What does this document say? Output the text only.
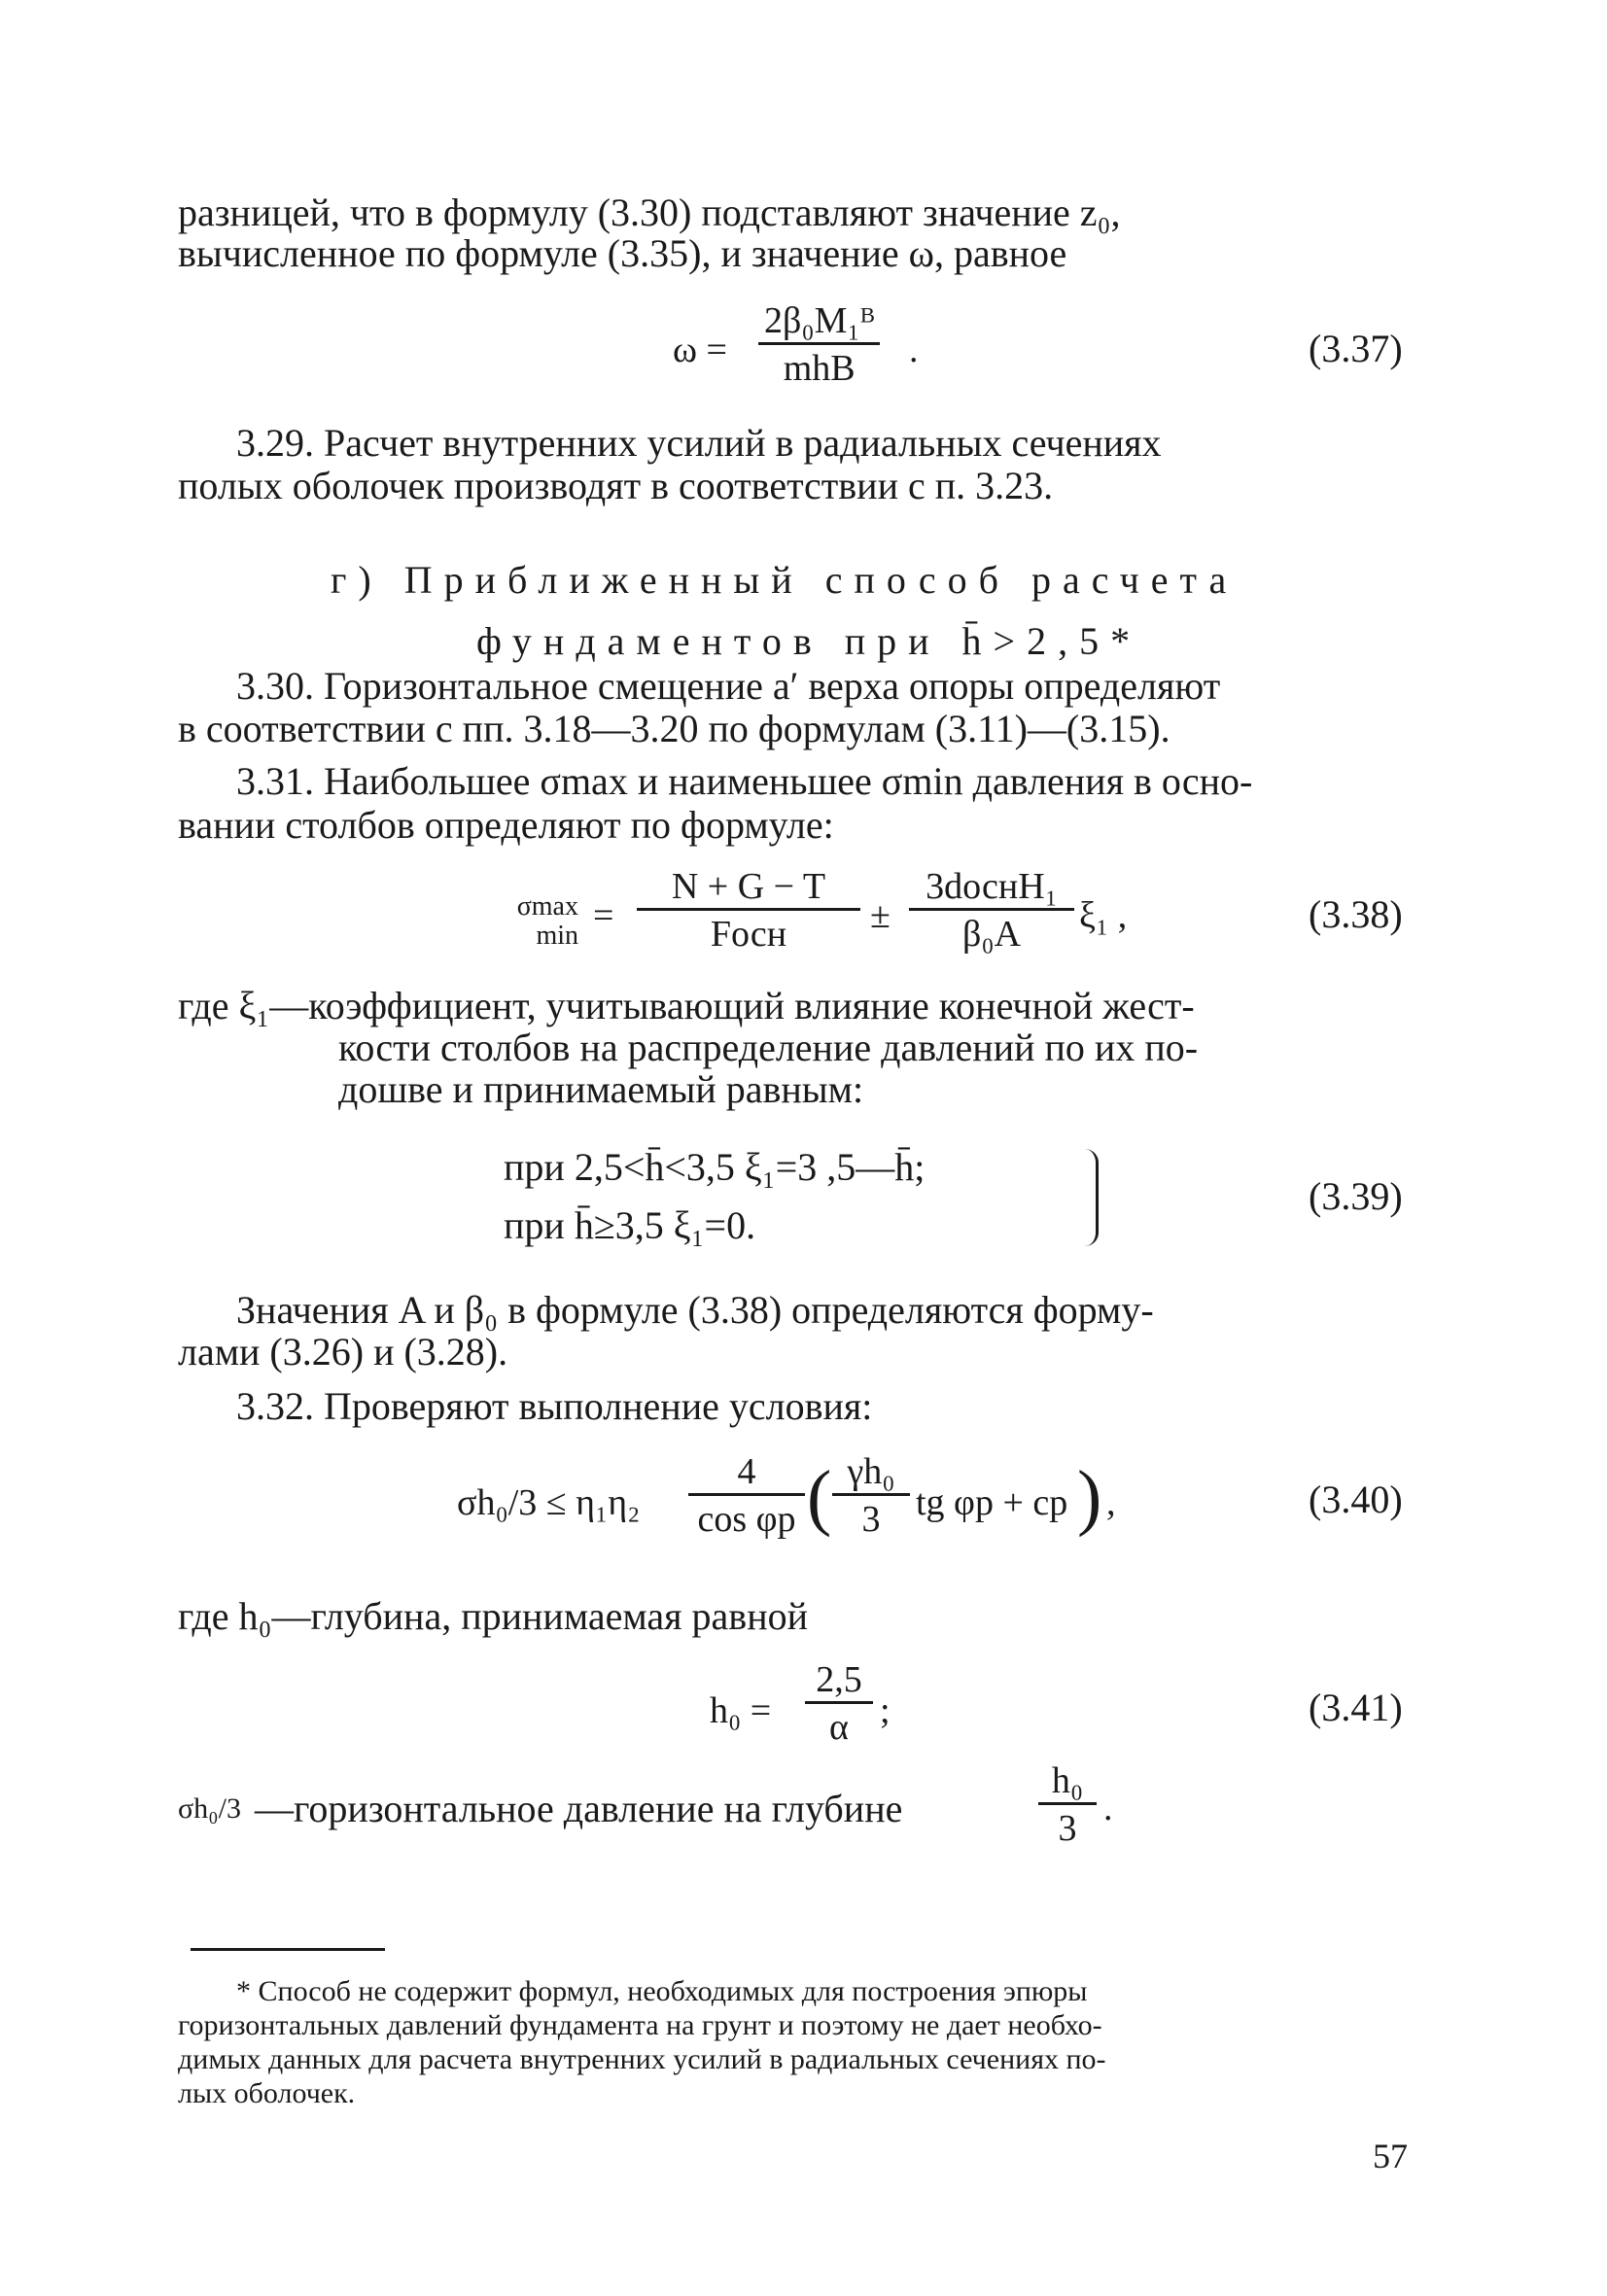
разницей, что в формулу (3.30) подставляют значение z₀,
вычисленное по формуле (3.35), и значение ω, равное
ω =
2β₀M₁ᴮ
mhB	.	(3.37)
3.29. Расчет внутренних усилий в радиальных сечениях
полых оболочек производят в соответствии с п. 3.23.
г) Приближенный способ расчета
фундаментов при h̄>2,5*
3.30. Горизонтальное смещение a′ верха опоры определяют
в соответствии с пп. 3.18—3.20 по формулам (3.11)—(3.15).
3.31. Наибольшее σmax и наименьшее σmin давления в осно-
вании столбов определяют по формуле:
σmax
min =
N + G − T
Fосн	±
3dоснH₁
β₀A	ξ₁ ,	(3.38)
где ξ₁—коэффициент, учитывающий влияние конечной жест-
кости столбов на распределение давлений по их по-
дошве и принимаемый равным:
при 2,5<h̄<3,5 ξ₁=3 ,5—h̄;
при h̄≥3,5 ξ₁=0.
(3.39)
Значения A и β₀ в формуле (3.38) определяются форму-
лами (3.26) и (3.28).
3.32. Проверяют выполнение условия:
σh₀/3 ≤ η₁η₂
4
cos φр ( $\frac{\text{γh₀}}{3}$ tg φр + cр ) ,	(3.40)
где h₀—глубина, принимаемая равной
$h_0 = \frac{2,5}{\alpha}$ ;	(3.41)
σh₀/3 —горизонтальное давление на глубине	$\frac{\text{h₀}}{3}$ .
* Способ не содержит формул, необходимых для построения эпюры
горизонтальных давлений фундамента на грунт и поэтому не дает необхо-
димых данных для расчета внутренних усилий в радиальных сечениях по-
лых оболочек.
57
